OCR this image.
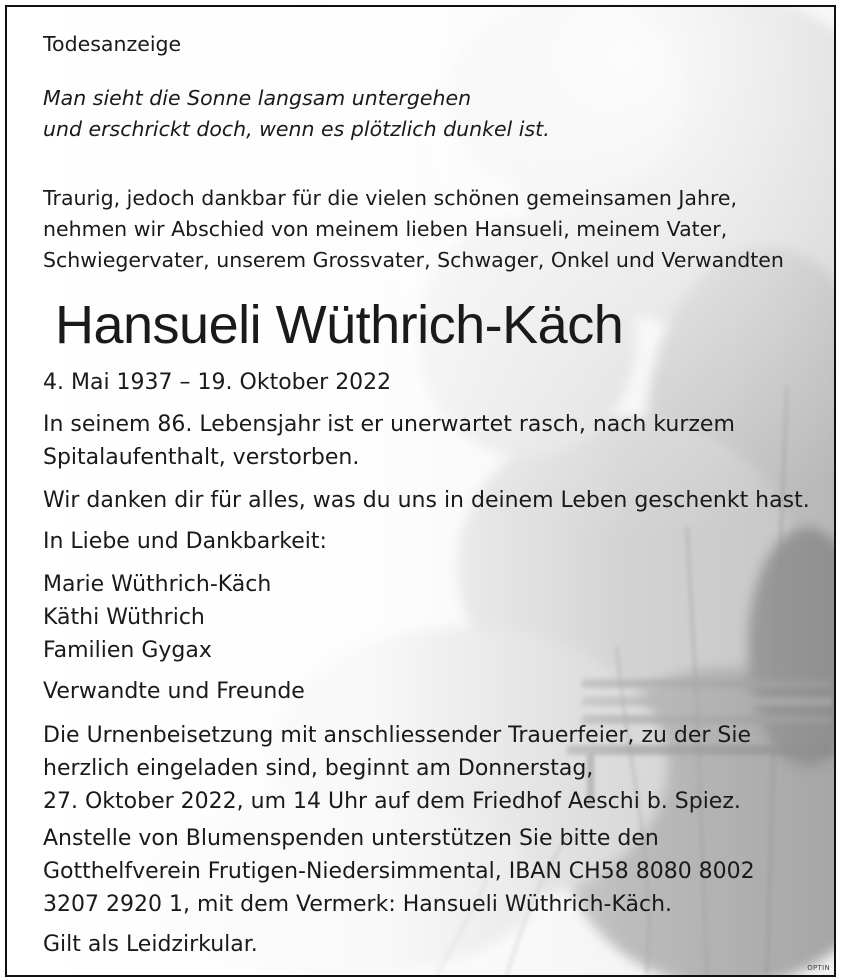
Todesanzeige
Man sieht die Sonne langsam untergehen
und erschrickt doch, wenn es plötzlich dunkel ist.
Traurig, jedoch dankbar für die vielen schönen gemeinsamen Jahre,
nehmen wir Abschied von meinem lieben Hansueli, meinem Vater,
Schwiegervater, unserem Grossvater, Schwager, Onkel und Verwandten
Hansueli Wüthrich-Käch
4. Mai 1937 – 19. Oktober 2022
In seinem 86. Lebensjahr ist er unerwartet rasch, nach kurzem
Spitalaufenthalt, verstorben.
Wir danken dir für alles, was du uns in deinem Leben geschenkt hast.
In Liebe und Dankbarkeit:
Marie Wüthrich-Käch
Käthi Wüthrich
Familien Gygax
Verwandte und Freunde
Die Urnenbeisetzung mit anschliessender Trauerfeier, zu der Sie
herzlich eingeladen sind, beginnt am Donnerstag,
27. Oktober 2022, um 14 Uhr auf dem Friedhof Aeschi b. Spiez.
Anstelle von Blumenspenden unterstützen Sie bitte den
Gotthelfverein Frutigen-Niedersimmental, IBAN CH58 8080 8002
3207 2920 1, mit dem Vermerk: Hansueli Wüthrich-Käch.
Gilt als Leidzirkular.
OPTIN
